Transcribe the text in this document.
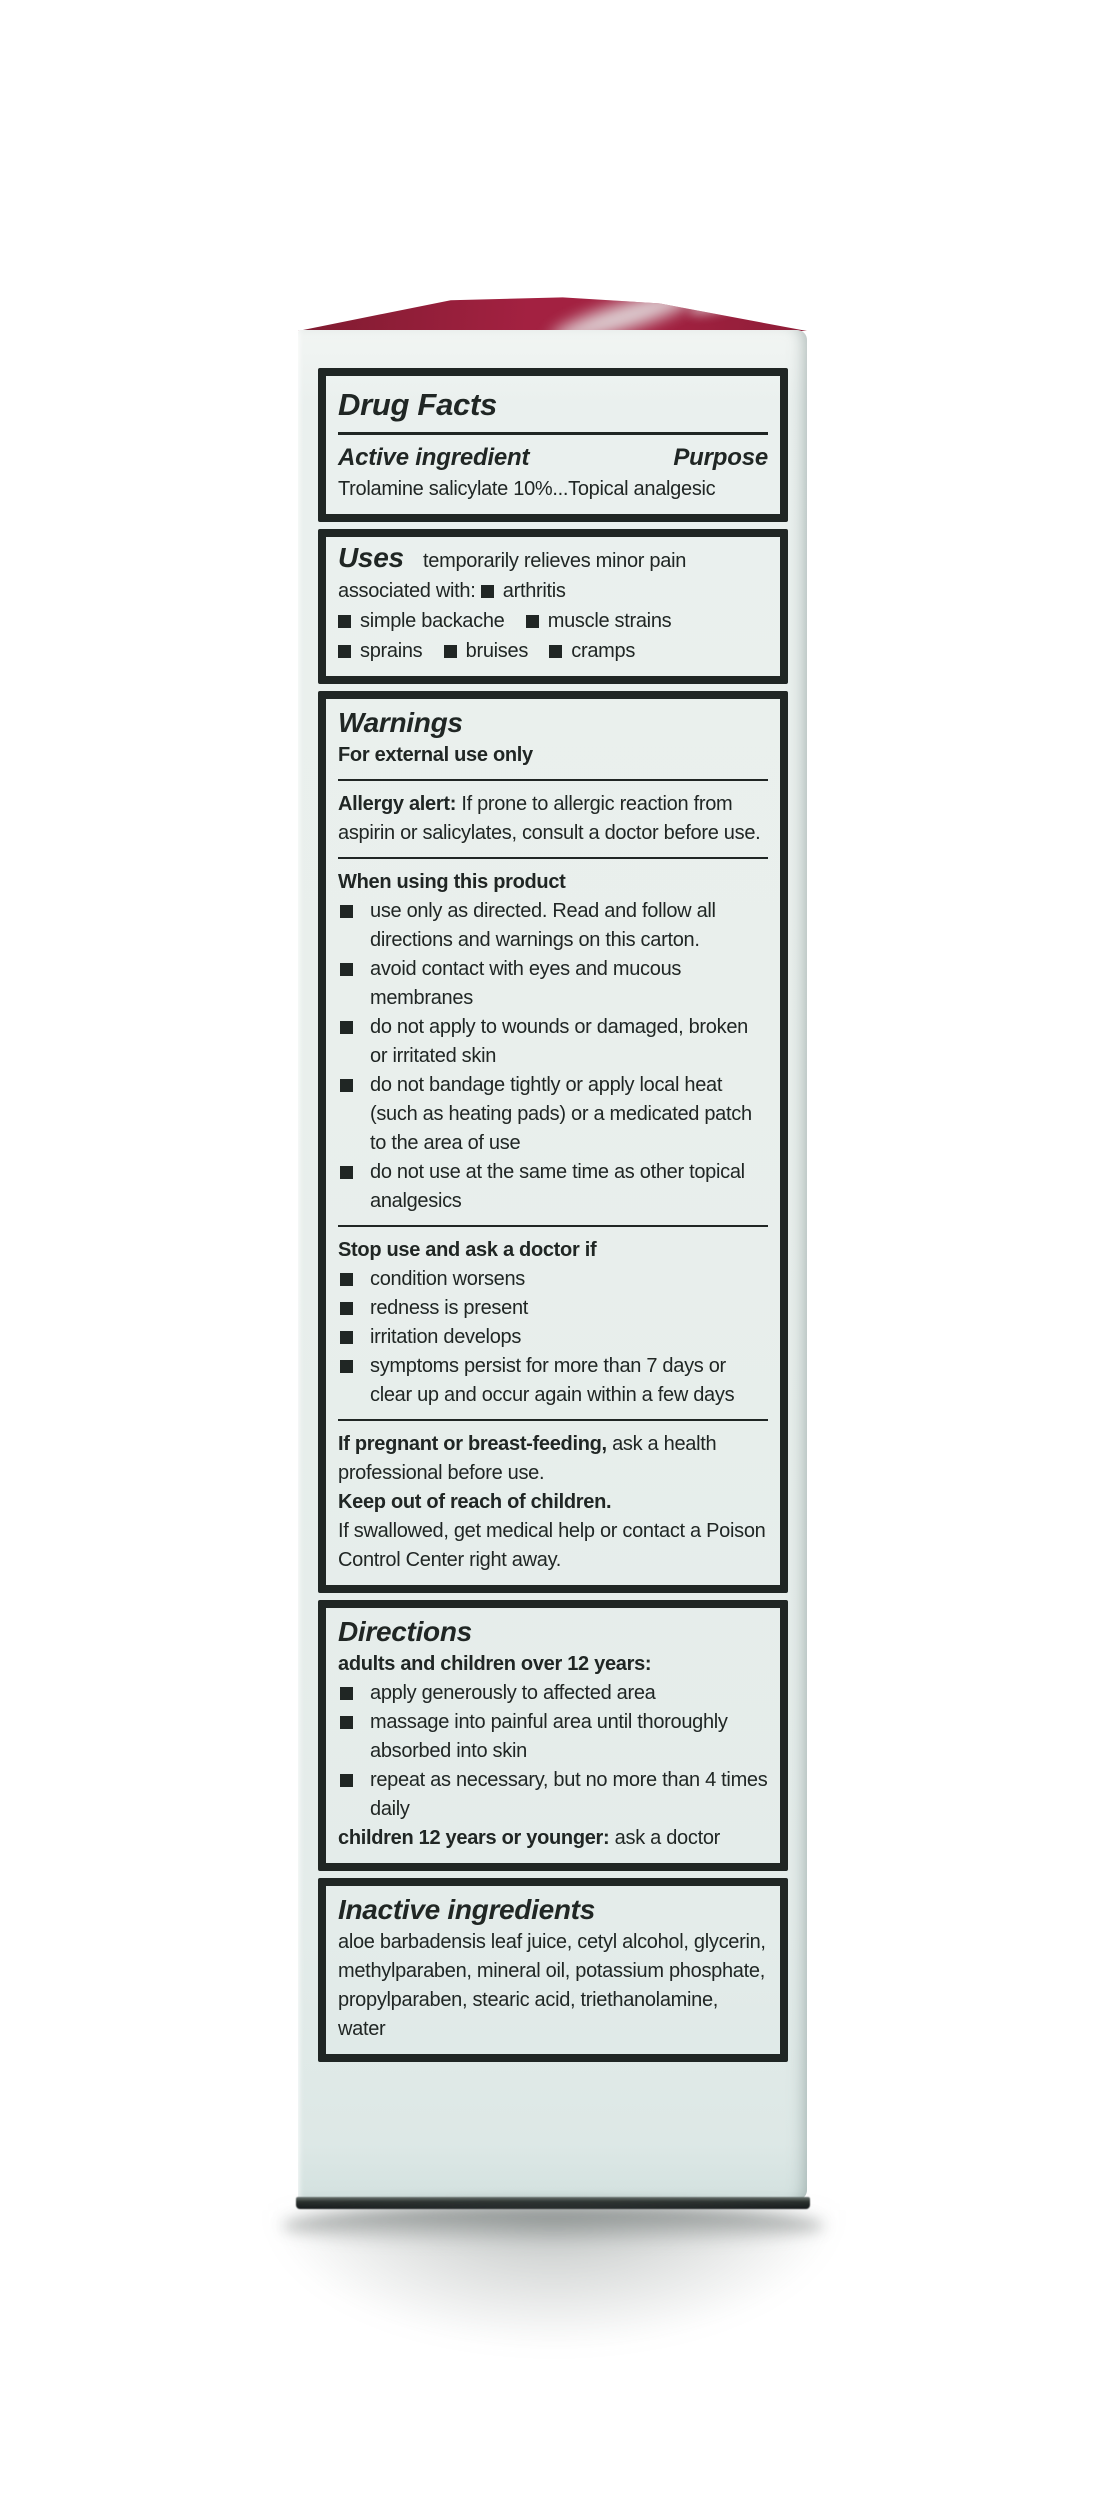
Drug Facts
Active ingredient	Purpose

Trolamine salicylate 10%...Topical analgesic

Uses temporarily relieves minor pain associated with: arthritis simple backache muscle strains sprains bruises cramps

Warnings

For external use only

Allergy alert: If prone to allergic reaction from aspirin or salicylates, consult a doctor before use.

When using this product

use only as directed. Read and follow all directions and warnings on this carton.
avoid contact with eyes and mucous membranes
do not apply to wounds or damaged, broken or irritated skin
do not bandage tightly or apply local heat (such as heating pads) or a medicated patch to the area of use
do not use at the same time as other topical analgesics

Stop use and ask a doctor if

condition worsens
redness is present
irritation develops
symptoms persist for more than 7 days or clear up and occur again within a few days

If pregnant or breast-feeding, ask a health professional before use.

Keep out of reach of children.

If swallowed, get medical help or contact a Poison Control Center right away.

Directions

adults and children over 12 years:

apply generously to affected area
massage into painful area until thoroughly absorbed into skin
repeat as necessary, but no more than 4 times daily

children 12 years or younger: ask a doctor

Inactive ingredients

aloe barbadensis leaf juice, cetyl alcohol, glycerin, methylparaben, mineral oil, potassium phosphate, propylparaben, stearic acid, triethanolamine, water
